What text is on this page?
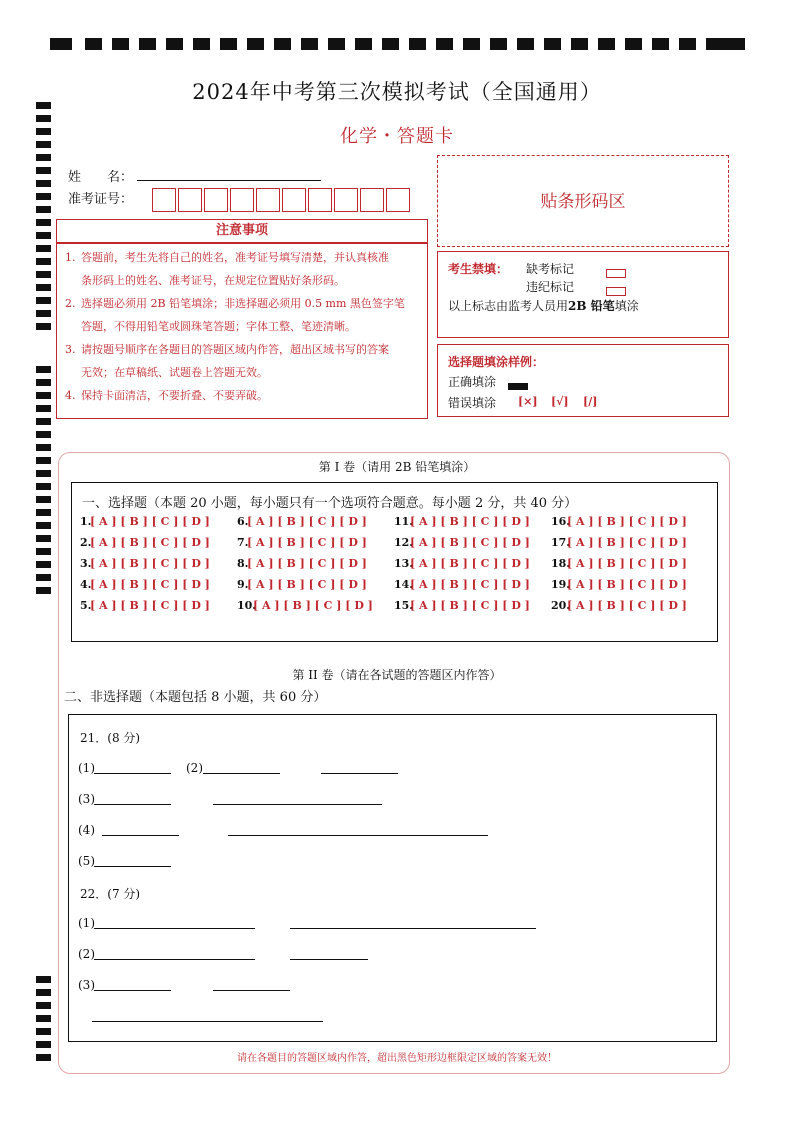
2024年中考第三次模拟考试（全国通用）
化学・答题卡
姓　　名：
准考证号：	贴条形码区
注意事项
1. 答题前，考生先将自己的姓名，准考证号填写清楚，并认真核准
条形码上的姓名、准考证号，在规定位置贴好条形码。
2. 选择题必须用 2B 铅笔填涂；非选择题必须用 0.5 mm 黑色签字笔
答题，不得用铅笔或圆珠笔答题；字体工整、笔迹清晰。
3. 请按题号顺序在各题目的答题区域内作答，超出区域书写的答案
无效；在草稿纸、试题卷上答题无效。
4. 保持卡面清洁，不要折叠、不要弄破。
考生禁填： 缺考标记
违纪标记
以上标志由监考人员用2B 铅笔填涂
选择题填涂样例：
正确填涂
错误填涂 [×] [√] [/]
第 I 卷（请用 2B 铅笔填涂）
一、选择题（本题 20 小题，每小题只有一个选项符合题意。每小题 2 分，共 40 分）
1.
[ A ] [ B ] [ C ] [ D ]
2.
[ A ] [ B ] [ C ] [ D ]
3.
[ A ] [ B ] [ C ] [ D ]
4.
[ A ] [ B ] [ C ] [ D ]
5.
[ A ] [ B ] [ C ] [ D ]
6.
[ A ] [ B ] [ C ] [ D ]
7.
[ A ] [ B ] [ C ] [ D ]
8.
[ A ] [ B ] [ C ] [ D ]
9.
[ A ] [ B ] [ C ] [ D ]
10.
[ A ] [ B ] [ C ] [ D ]
11.
[ A ] [ B ] [ C ] [ D ]
12.
[ A ] [ B ] [ C ] [ D ]
13.
[ A ] [ B ] [ C ] [ D ]
14.
[ A ] [ B ] [ C ] [ D ]
15.
[ A ] [ B ] [ C ] [ D ]
16.
[ A ] [ B ] [ C ] [ D ]
17.
[ A ] [ B ] [ C ] [ D ]
18.
[ A ] [ B ] [ C ] [ D ]
19.
[ A ] [ B ] [ C ] [ D ]
20.
[ A ] [ B ] [ C ] [ D ]
第 II 卷（请在各试题的答题区内作答）
二、非选择题（本题包括 8 小题，共 60 分）
21．(8 分)
(1)	(2)
(3)
(4)
(5)
22．(7 分)
(1)
(2)
(3)
请在各题目的答题区域内作答，超出黑色矩形边框限定区域的答案无效！
